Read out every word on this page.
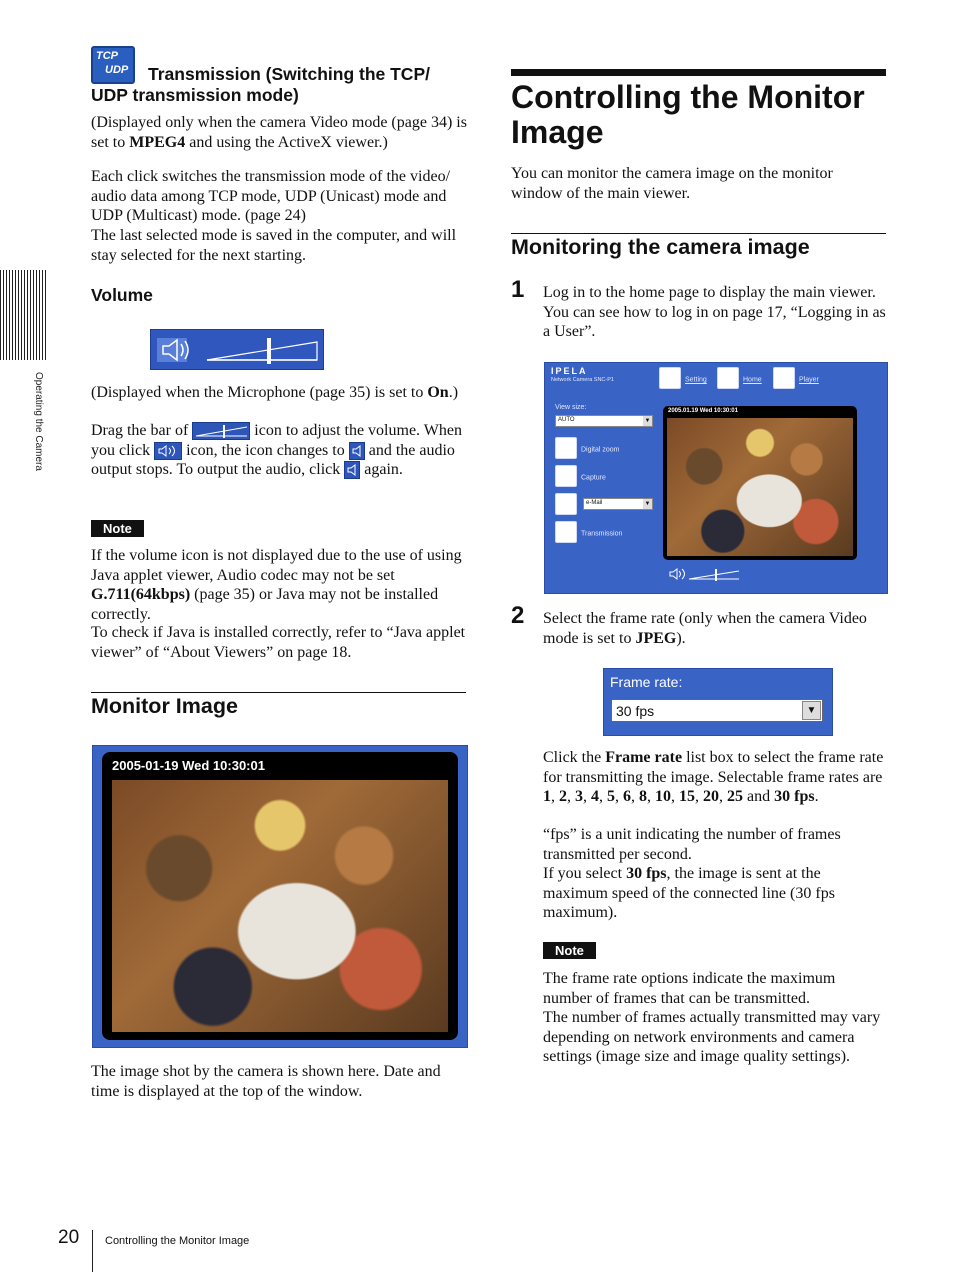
Operating the Camera
TCP
UDP	Transmission (Switching the TCP/
UDP transmission mode)

(Displayed only when the camera Video mode (page 34) is set to MPEG4 and using the ActiveX viewer.)

Each click switches the transmission mode of the video/ audio data among TCP mode, UDP (Unicast) mode and UDP (Multicast) mode. (page 24)

The last selected mode is saved in the computer, and will stay selected for the next starting.

Volume

(Displayed when the Microphone (page 35) is set to On.)

Drag the bar of	icon to adjust the volume. When you click
icon, the icon changes to
and the audio output stops. To output the audio, click
again.

Note

If the volume icon is not displayed due to the use of using Java applet viewer, Audio codec may not be set G.711(64kbps) (page 35) or Java may not be installed correctly.

To check if Java is installed correctly, refer to “Java applet viewer” of “About Viewers” on page 18.

Monitor Image
2005-01-19 Wed 10:30:01

The image shot by the camera is shown here. Date and time is displayed at the top of the window.

Controlling the Monitor Image

You can monitor the camera image on the monitor window of the main viewer.

Monitoring the camera image
1 Log in to the home page to display the main viewer. You can see how to log in on page 17, “Logging in as a User”.

IPELA
Network Camera SNC-P1	Setting	Home	Player
View size:
AUTO	▼
Digital zoom
Capture
e-Mail	▼
Transmission
2005.01.19 Wed 10:30:01
2 Select the frame rate (only when the camera Video mode is set to JPEG).

Frame rate:
30 fps	▼

Click the Frame rate list box to select the frame rate for transmitting the image. Selectable frame rates are 1, 2, 3, 4, 5, 6, 8, 10, 15, 20, 25 and 30 fps.

“fps” is a unit indicating the number of frames transmitted per second.

If you select 30 fps, the image is sent at the maximum speed of the connected line (30 fps maximum).

Note

The frame rate options indicate the maximum number of frames that can be transmitted.

The number of frames actually transmitted may vary depending on network environments and camera settings (image size and image quality settings).

20 Controlling the Monitor Image
